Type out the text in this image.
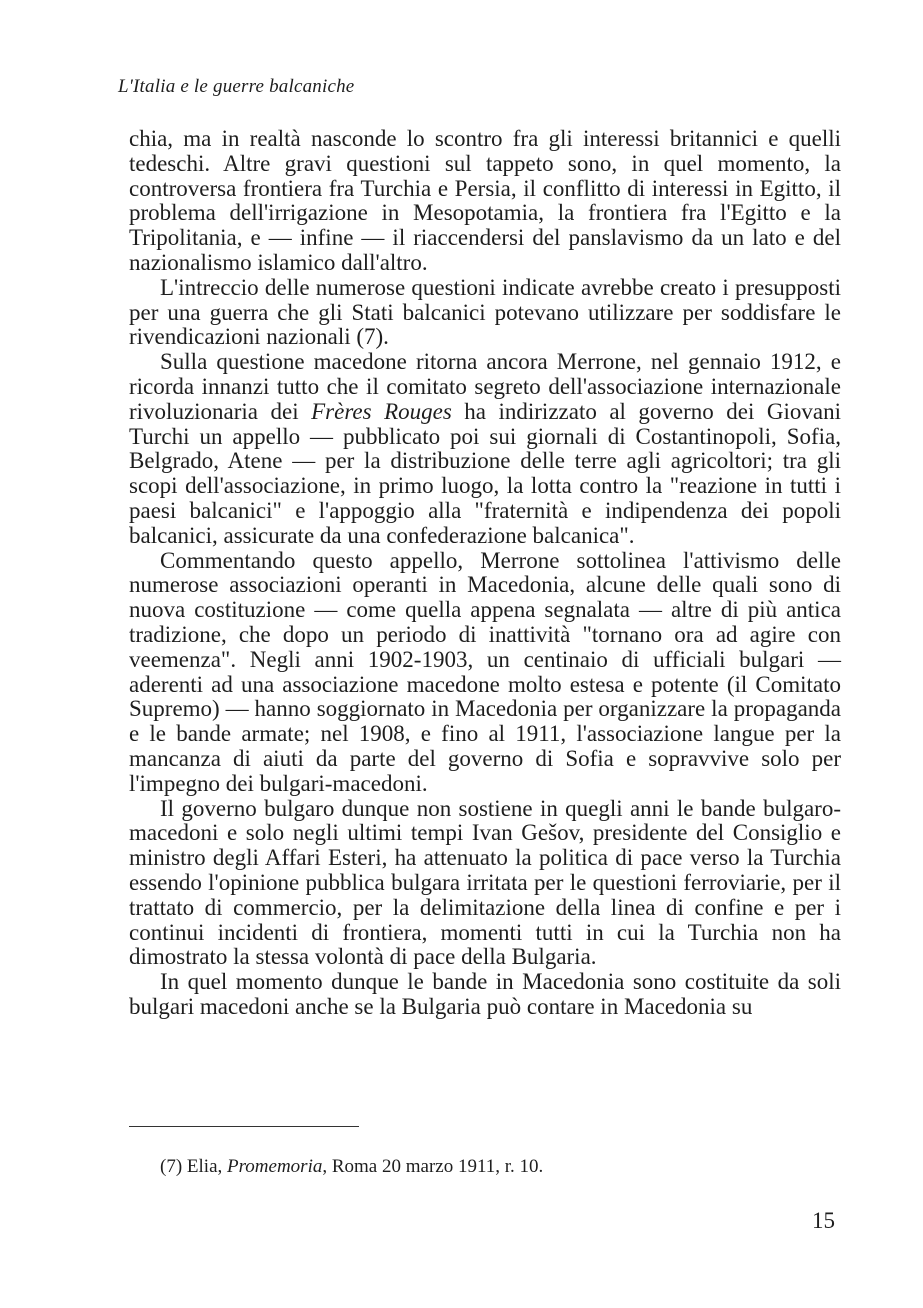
L'Italia e le guerre balcaniche

chia, ma in realtà nasconde lo scontro fra gli interessi britannici e quelli tedeschi. Altre gravi questioni sul tappeto sono, in quel momento, la controversa frontiera fra Turchia e Persia, il conflitto di interessi in Egitto, il problema dell'irrigazione in Mesopotamia, la frontiera fra l'Egitto e la Tripolitania, e — infine — il riaccendersi del panslavismo da un lato e del nazionalismo islamico dall'altro.

L'intreccio delle numerose questioni indicate avrebbe creato i presupposti per una guerra che gli Stati balcanici potevano utilizzare per soddisfare le rivendicazioni nazionali (7).

Sulla questione macedone ritorna ancora Merrone, nel gennaio 1912, e ricorda innanzi tutto che il comitato segreto dell'associazione internazionale rivoluzionaria dei Frères Rouges ha indirizzato al governo dei Giovani Turchi un appello — pubblicato poi sui giornali di Costantinopoli, Sofia, Belgrado, Atene — per la distribuzione delle terre agli agricoltori; tra gli scopi dell'associazione, in primo luogo, la lotta contro la "reazione in tutti i paesi balcanici" e l'appoggio alla "fraternità e indipendenza dei popoli balcanici, assicurate da una confederazione balcanica".

Commentando questo appello, Merrone sottolinea l'attivismo delle numerose associazioni operanti in Macedonia, alcune delle quali sono di nuova costituzione — come quella appena segnalata — altre di più antica tradizione, che dopo un periodo di inattività "tornano ora ad agire con veemenza". Negli anni 1902-1903, un centinaio di ufficiali bulgari — aderenti ad una associazione macedone molto estesa e potente (il Comitato Supremo) — hanno soggiornato in Macedonia per organizzare la propaganda e le bande armate; nel 1908, e fino al 1911, l'associazione langue per la mancanza di aiuti da parte del governo di Sofia e sopravvive solo per l'impegno dei bulgari-macedoni.

Il governo bulgaro dunque non sostiene in quegli anni le bande bulgaro-macedoni e solo negli ultimi tempi Ivan Gešov, presidente del Consiglio e ministro degli Affari Esteri, ha attenuato la politica di pace verso la Turchia essendo l'opinione pubblica bulgara irritata per le questioni ferroviarie, per il trattato di commercio, per la delimitazione della linea di confine e per i continui incidenti di frontiera, momenti tutti in cui la Turchia non ha dimostrato la stessa volontà di pace della Bulgaria.

In quel momento dunque le bande in Macedonia sono costituite da soli bulgari macedoni anche se la Bulgaria può contare in Macedonia su

(7) Elia, Promemoria, Roma 20 marzo 1911, r. 10.
15
